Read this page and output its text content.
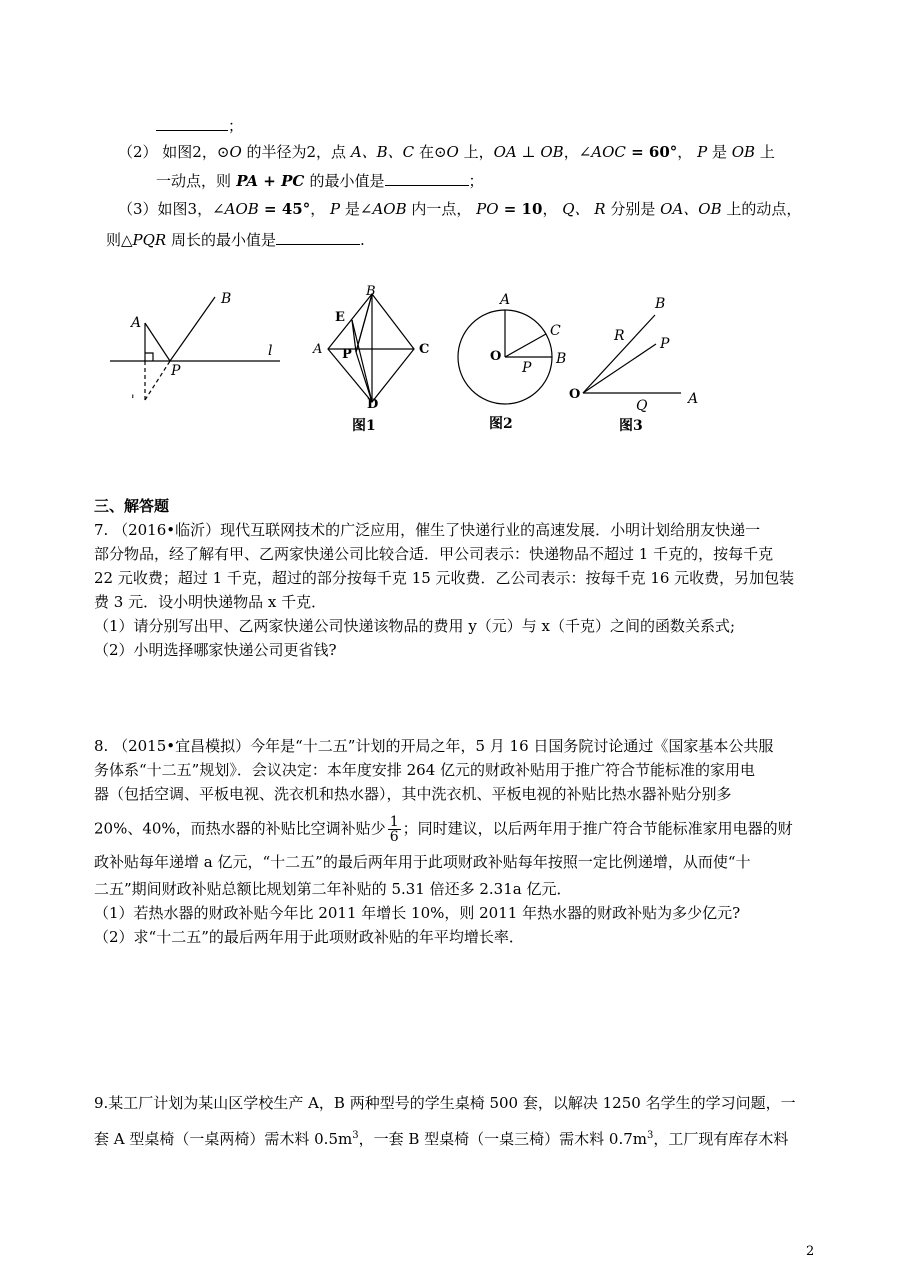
；
（2） 如图2，⊙O 的半径为2，点 A、B、C 在⊙O 上，OA ⊥ OB，∠AOC = 60°， P 是 OB 上
一动点，则 PA + PC 的最小值是	；
（3）如图3，∠AOB = 45°， P 是∠AOB 内一点， PO = 10， Q、 R 分别是 OA、OB 上的动点，
则△PQR 周长的最小值是	.
A
B
P
l
'
B
E
A P	C
D
图1
A
O
C
B
P
图2
O
B
R	P
Q	A
图3
三、解答题
7. （2016•临沂）现代互联网技术的广泛应用，催生了快递行业的高速发展．小明计划给朋友快递一
部分物品，经了解有甲、乙两家快递公司比较合适．甲公司表示：快递物品不超过 1 千克的，按每千克
22 元收费；超过 1 千克，超过的部分按每千克 15 元收费．乙公司表示：按每千克 16 元收费，另加包装
费 3 元．设小明快递物品 x 千克．
（1）请分别写出甲、乙两家快递公司快递该物品的费用 y（元）与 x（千克）之间的函数关系式;
（2）小明选择哪家快递公司更省钱?
8. （2015•宜昌模拟）今年是“十二五”计划的开局之年，5 月 16 日国务院讨论通过《国家基本公共服
务体系“十二五”规划》．会议决定：本年度安排 264 亿元的财政补贴用于推广符合节能标准的家用电
器（包括空调、平板电视、洗衣机和热水器），其中洗衣机、平板电视的补贴比热水器补贴分别多
20%、40%，而热水器的补贴比空调补贴少 $\frac{1}{6}$ ；同时建议，以后两年用于推广符合节能标准家用电器的财
政补贴每年递增 a 亿元，“十二五”的最后两年用于此项财政补贴每年按照一定比例递增，从而使“十
二五”期间财政补贴总额比规划第二年补贴的 5.31 倍还多 2.31a 亿元．
（1）若热水器的财政补贴今年比 2011 年增长 10%，则 2011 年热水器的财政补贴为多少亿元?
（2）求“十二五”的最后两年用于此项财政补贴的年平均增长率．
9.某工厂计划为某山区学校生产 A，B 两种型号的学生桌椅 500 套，以解决 1250 名学生的学习问题，一
套 A 型桌椅（一桌两椅）需木料 $0.5m^3$，一套 B 型桌椅（一桌三椅）需木料 $0.7m^3$，工厂现有库存木料
2
